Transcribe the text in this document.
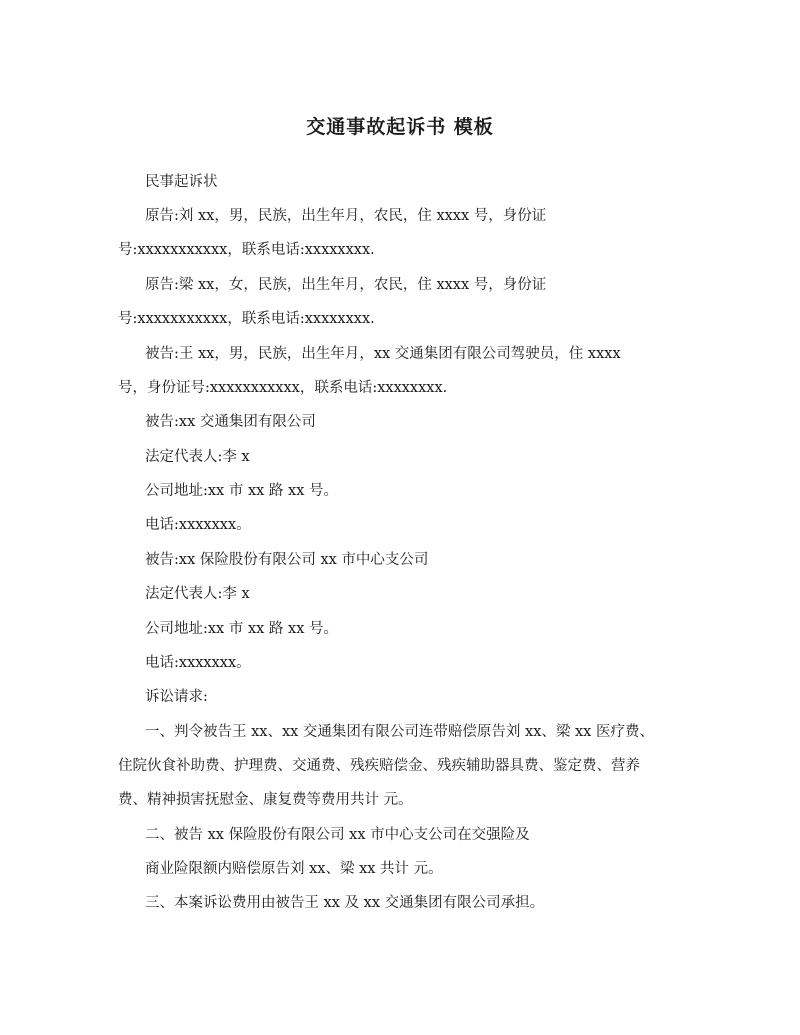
交通事故起诉书 模板
民事起诉状
原告:刘 xx，男，民族，出生年月，农民，住 xxxx 号，身份证
号:xxxxxxxxxxx，联系电话:xxxxxxxx.
原告:梁 xx，女，民族，出生年月，农民，住 xxxx 号，身份证
号:xxxxxxxxxxx，联系电话:xxxxxxxx.
被告:王 xx，男，民族，出生年月，xx 交通集团有限公司驾驶员，住 xxxx
号，身份证号:xxxxxxxxxxx，联系电话:xxxxxxxx.
被告:xx 交通集团有限公司
法定代表人:李 x
公司地址:xx 市 xx 路 xx 号。
电话:xxxxxxx。
被告:xx 保险股份有限公司 xx 市中心支公司
法定代表人:李 x
公司地址:xx 市 xx 路 xx 号。
电话:xxxxxxx。
诉讼请求:
一、判令被告王 xx、xx 交通集团有限公司连带赔偿原告刘 xx、梁 xx 医疗费、
住院伙食补助费、护理费、交通费、残疾赔偿金、残疾辅助器具费、鉴定费、营养
费、精神损害抚慰金、康复费等费用共计 元。
二、被告 xx 保险股份有限公司 xx 市中心支公司在交强险及
商业险限额内赔偿原告刘 xx、梁 xx 共计 元。
三、本案诉讼费用由被告王 xx 及 xx 交通集团有限公司承担。
